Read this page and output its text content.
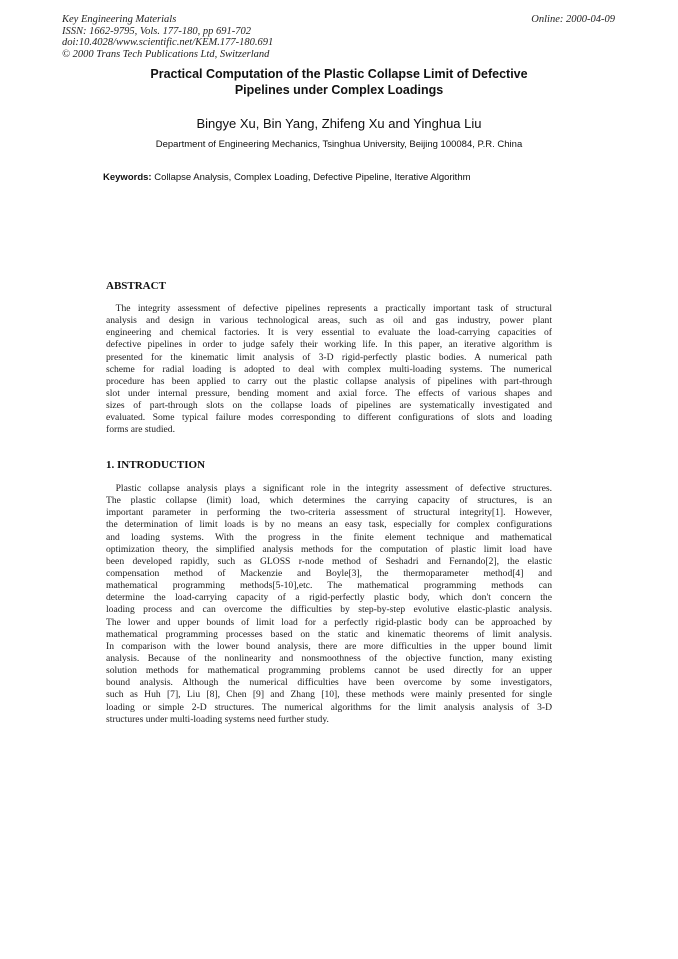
Key Engineering Materials
ISSN: 1662-9795, Vols. 177-180, pp 691-702
doi:10.4028/www.scientific.net/KEM.177-180.691
© 2000 Trans Tech Publications Ltd, Switzerland
Online: 2000-04-09
Practical Computation of the Plastic Collapse Limit of Defective
Pipelines under Complex Loadings
Bingye Xu, Bin Yang, Zhifeng Xu and Yinghua Liu
Department of Engineering Mechanics, Tsinghua University, Beijing 100084, P.R. China
Keywords: Collapse Analysis, Complex Loading, Defective Pipeline, Iterative Algorithm
ABSTRACT
The integrity assessment of defective pipelines represents a practically important task of structural
analysis and design in various technological areas, such as oil and gas industry, power plant
engineering and chemical factories. It is very essential to evaluate the load-carrying capacities of
defective pipelines in order to judge safely their working life. In this paper, an iterative algorithm is
presented for the kinematic limit analysis of 3-D rigid-perfectly plastic bodies. A numerical path
scheme for radial loading is adopted to deal with complex multi-loading systems. The numerical
procedure has been applied to carry out the plastic collapse analysis of pipelines with part-through
slot under internal pressure, bending moment and axial force. The effects of various shapes and
sizes of part-through slots on the collapse loads of pipelines are systematically investigated and
evaluated. Some typical failure modes corresponding to different configurations of slots and loading
forms are studied.
1. INTRODUCTION
Plastic collapse analysis plays a significant role in the integrity assessment of defective structures.
The plastic collapse (limit) load, which determines the carrying capacity of structures, is an
important parameter in performing the two-criteria assessment of structural integrity[1]. However,
the determination of limit loads is by no means an easy task, especially for complex configurations
and loading systems. With the progress in the finite element technique and mathematical
optimization theory, the simplified analysis methods for the computation of plastic limit load have
been developed rapidly, such as GLOSS r-node method of Seshadri and Fernando[2], the elastic
compensation method of Mackenzie and Boyle[3], the thermoparameter method[4] and
mathematical programming methods[5-10],etc. The mathematical programming methods can
determine the load-carrying capacity of a rigid-perfectly plastic body, which don't concern the
loading process and can overcome the difficulties by step-by-step evolutive elastic-plastic analysis.
The lower and upper bounds of limit load for a perfectly rigid-plastic body can be approached by
mathematical programming processes based on the static and kinematic theorems of limit analysis.
In comparison with the lower bound analysis, there are more difficulties in the upper bound limit
analysis. Because of the nonlinearity and nonsmoothness of the objective function, many existing
solution methods for mathematical programming problems cannot be used directly for an upper
bound analysis. Although the numerical difficulties have been overcome by some investigators,
such as Huh [7], Liu [8], Chen [9] and Zhang [10], these methods were mainly presented for single
loading or simple 2-D structures. The numerical algorithms for the limit analysis analysis of 3-D
structures under multi-loading systems need further study.
